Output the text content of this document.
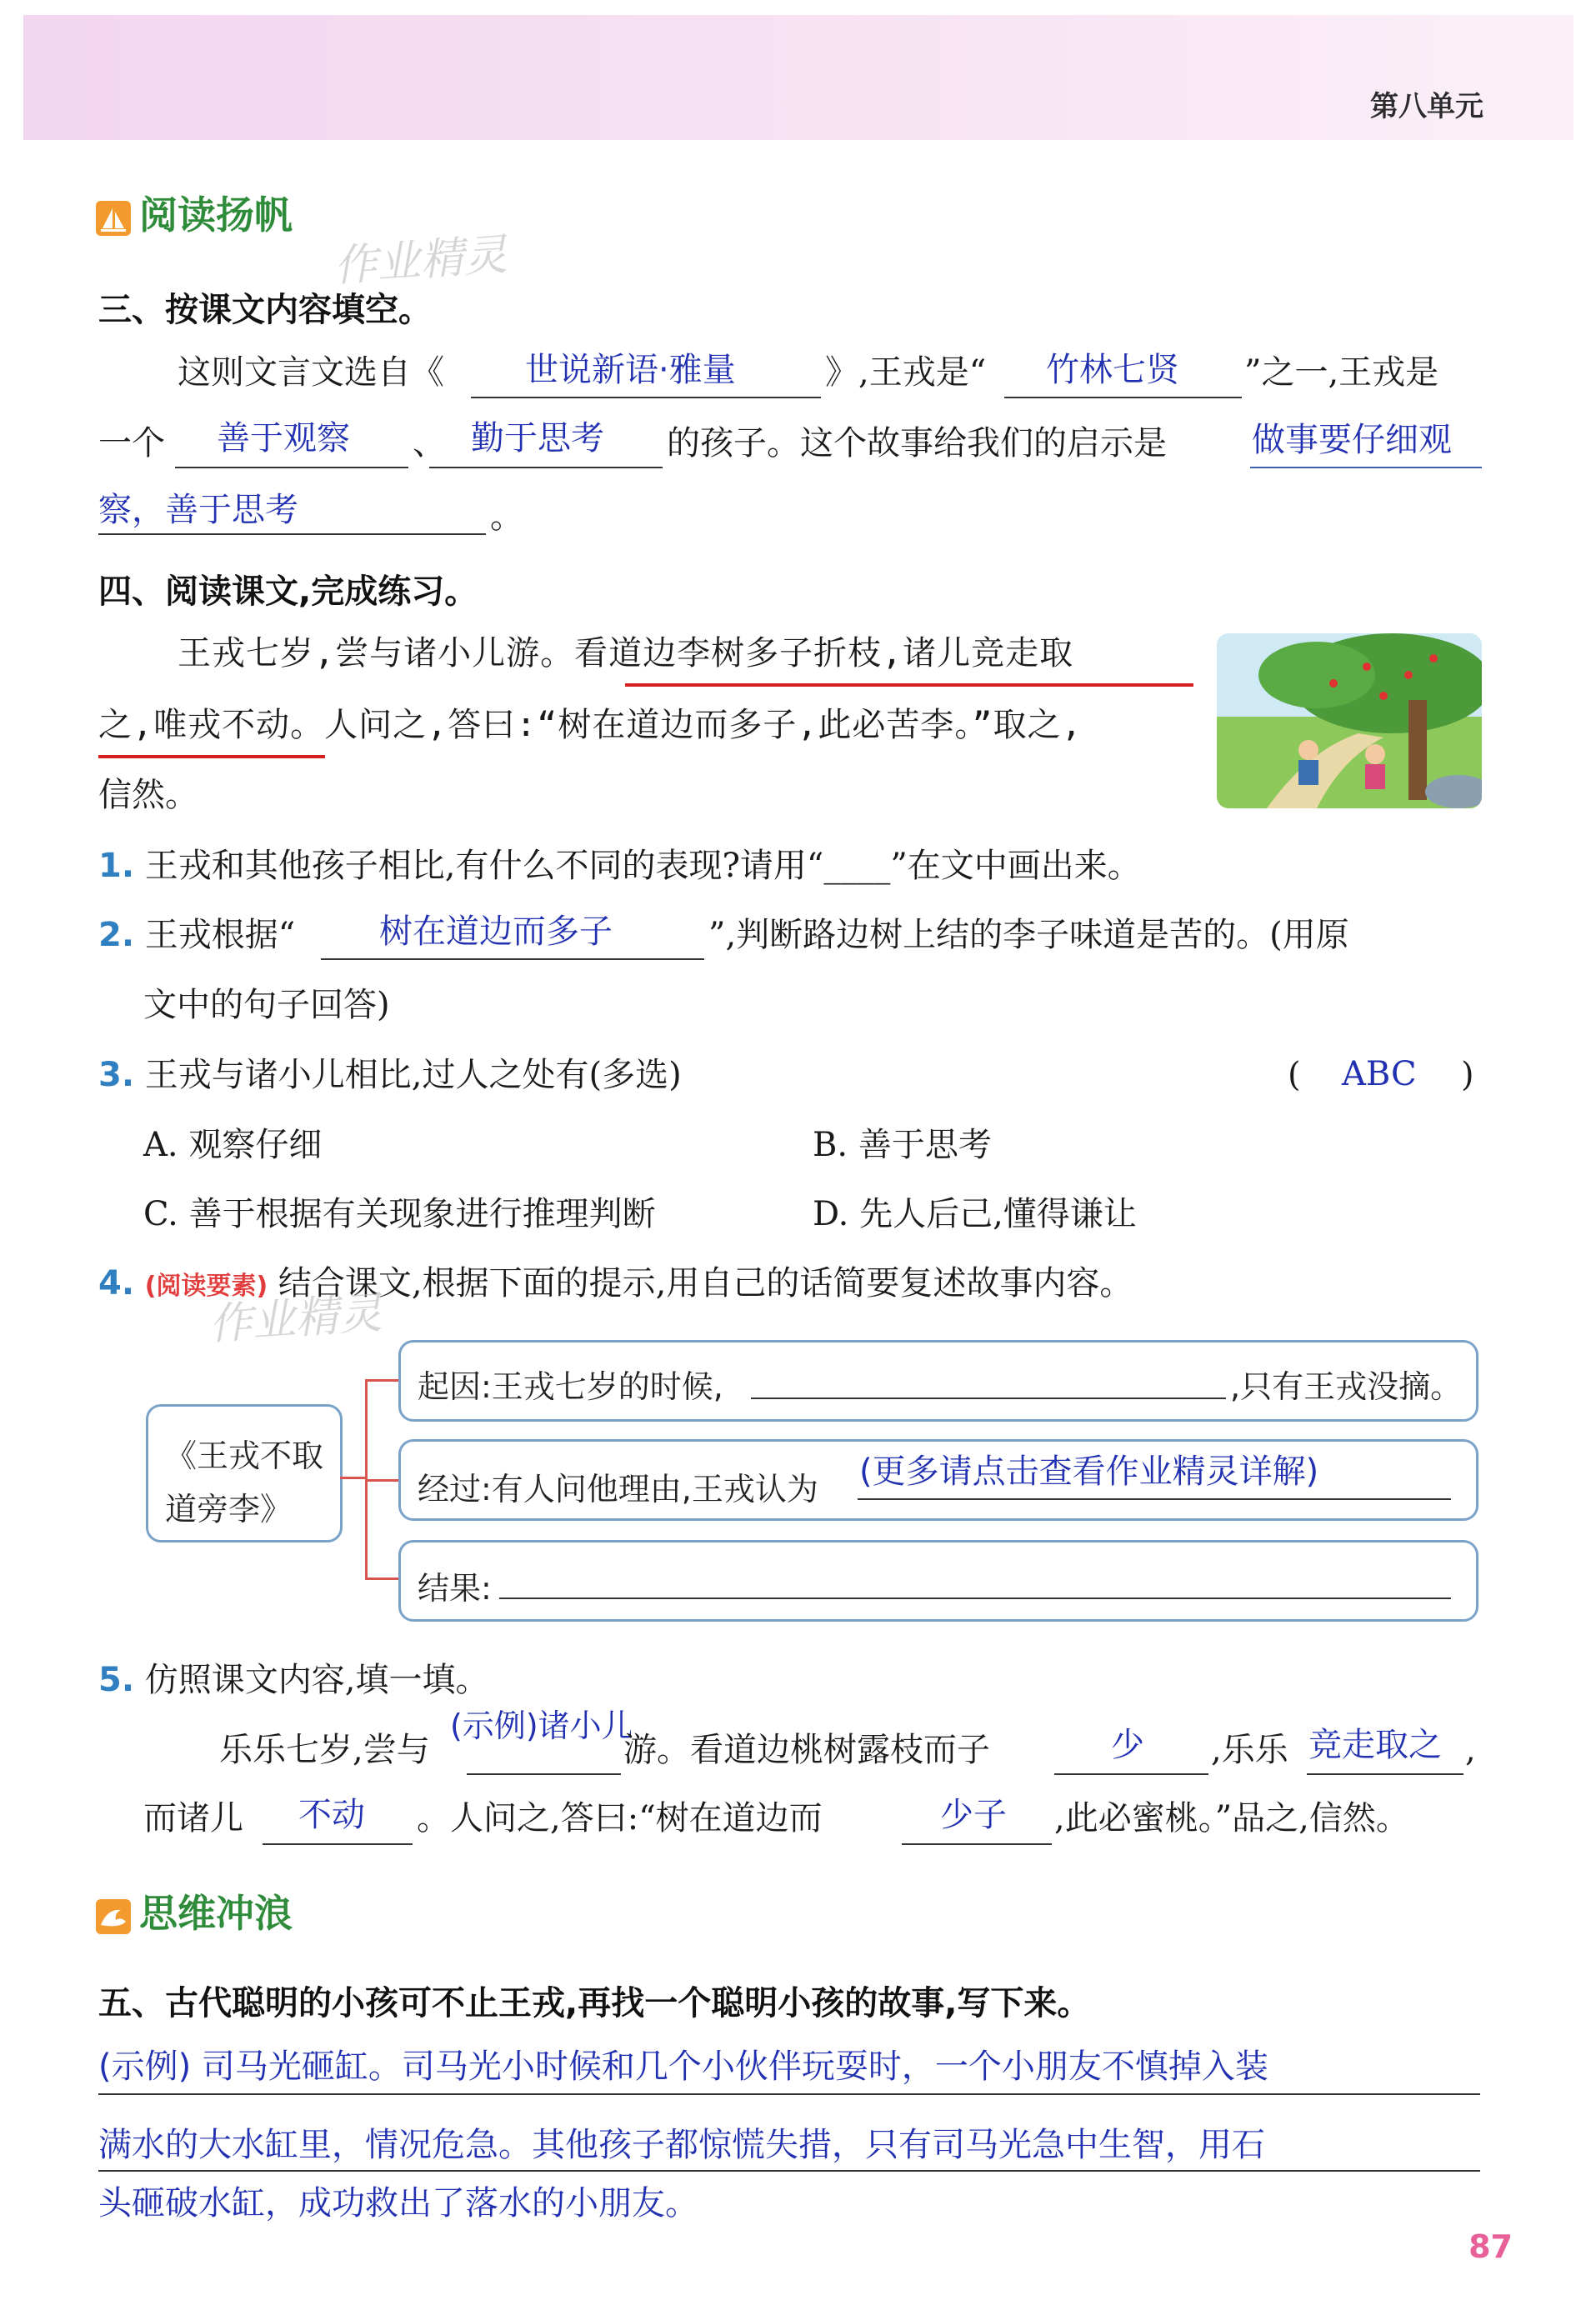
第八单元
阅读扬帆
作业精灵
三、按课文内容填空。
这则文言文选自《 世说新语·雅量	》,王戎是“ 竹林七贤 ”之一,王戎是
一个 善于观察 、 勤于思考 的孩子。这个故事给我们的启示是	做事要仔细观
察，善于思考	。
四、阅读课文,完成练习。
王戎七岁,尝与诸小儿游。看道边李树多子折枝,诸儿竞走取
之,唯戎不动。人问之,答曰:“树在道边而多子,此必苦李。”取之,
信然。
1. 王戎和其他孩子相比,有什么不同的表现?请用“____”在文中画出来。
2. 王戎根据“	树在道边而多子	”,判断路边树上结的李子味道是苦的。(用原
文中的句子回答)
3. 王戎与诸小儿相比,过人之处有(多选)	( ABC )
A. 观察仔细	B. 善于思考
C. 善于根据有关现象进行推理判断	D. 先人后己,懂得谦让
4. (阅读要素) 结合课文,根据下面的提示,用自己的话简要复述故事内容。
作业精灵
《王戎不取
道旁李》
起因:王戎七岁的时候,	,只有王戎没摘。
经过:有人问他理由,王戎认为 (更多请点击查看作业精灵详解)
结果:
5. 仿照课文内容,填一填。
乐乐七岁,尝与
(示例)诸小儿
游。看道边桃树露枝而子	少 ,乐乐 竞走取之 ,
而诸儿 不动 。人问之,答曰:“树在道边而	少子 ,此必蜜桃。”品之,信然。
思维冲浪
五、古代聪明的小孩可不止王戎,再找一个聪明小孩的故事,写下来。
(示例) 司马光砸缸。司马光小时候和几个小伙伴玩耍时，一个小朋友不慎掉入装
满水的大水缸里，情况危急。其他孩子都惊慌失措，只有司马光急中生智，用石
头砸破水缸，成功救出了落水的小朋友。
87
